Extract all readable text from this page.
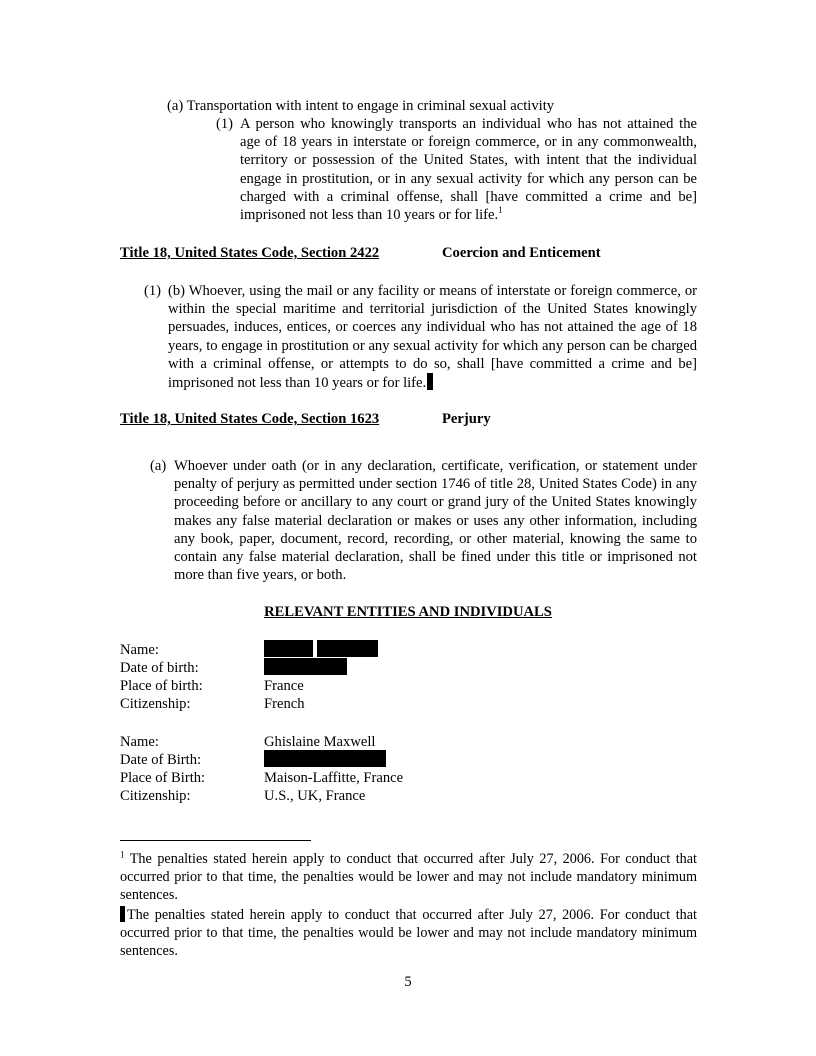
(a) Transportation with intent to engage in criminal sexual activity
(1) A person who knowingly transports an individual who has not attained the age of 18 years in interstate or foreign commerce, or in any commonwealth, territory or possession of the United States, with intent that the individual engage in prostitution, or in any sexual activity for which any person can be charged with a criminal offense, shall [have committed a crime and be] imprisoned not less than 10 years or for life.$^1$
Title 18, United States Code, Section 2422	Coercion and Enticement
(1) (b) Whoever, using the mail or any facility or means of interstate or foreign commerce, or within the special maritime and territorial jurisdiction of the United States knowingly persuades, induces, entices, or coerces any individual who has not attained the age of 18 years, to engage in prostitution or any sexual activity for which any person can be charged with a criminal offense, or attempts to do so, shall [have committed a crime and be] imprisoned not less than 10 years or for life.
Title 18, United States Code, Section 1623	Perjury
(a) Whoever under oath (or in any declaration, certificate, verification, or statement under penalty of perjury as permitted under section 1746 of title 28, United States Code) in any proceeding before or ancillary to any court or grand jury of the United States knowingly makes any false material declaration or makes or uses any other information, including any book, paper, document, record, recording, or other material, knowing the same to contain any false material declaration, shall be fined under this title or imprisoned not more than five years, or both.
RELEVANT ENTITIES AND INDIVIDUALS
Name:
Date of birth:
Place of birth:	France
Citizenship:	French
Name:	Ghislaine Maxwell
Date of Birth:
Place of Birth:	Maison-Laffitte, France
Citizenship:	U.S., UK, France
$^1$ The penalties stated herein apply to conduct that occurred after July 27, 2006. For conduct that occurred prior to that time, the penalties would be lower and may not include mandatory minimum sentences.
The penalties stated herein apply to conduct that occurred after July 27, 2006. For conduct that occurred prior to that time, the penalties would be lower and may not include mandatory minimum sentences.
5
